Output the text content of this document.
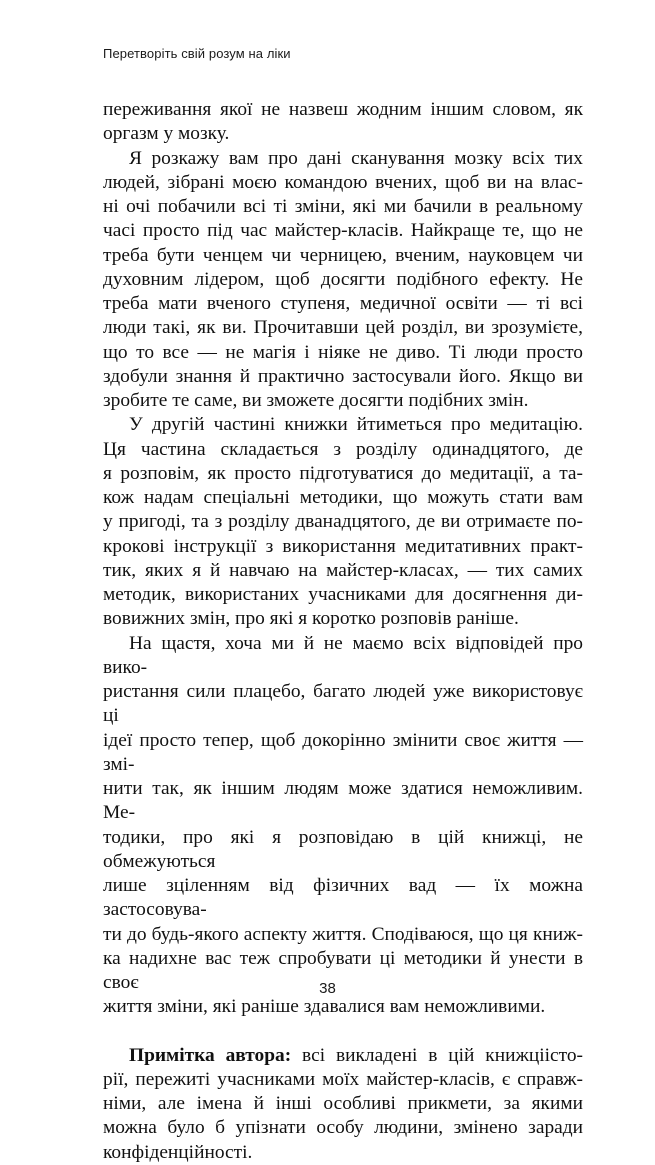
Перетворіть свій розум на ліки
переживання якої не назвеш жодним іншим словом, як
оргазм у мозку.
Я розкажу вам про дані сканування мозку всіх тих
людей, зібрані моєю командою вчених, щоб ви на влас-
ні очі побачили всі ті зміни, які ми бачили в реальному
часі просто під час майстер-класів. Найкраще те, що не
треба бути ченцем чи черницею, вченим, науковцем чи
духовним лідером, щоб досягти подібного ефекту. Не
треба мати вченого ступеня, медичної освіти — ті всі
люди такі, як ви. Прочитавши цей розділ, ви зрозумієте,
що то все — не магія і ніяке не диво. Ті люди просто
здобули знання й практично застосували його. Якщо ви
зробите те саме, ви зможете досягти подібних змін.
У другій частині книжки йтиметься про медитацію.
Ця частина складається з розділу одинадцятого, де
я розповім, як просто підготуватися до медитації, а та-
кож надам спеціальні методики, що можуть стати вам
у пригоді, та з розділу дванадцятого, де ви отримаєте по-
крокові інструкції з використання медитативних практ-
тик, яких я й навчаю на майстер-класах, — тих самих
методик, використаних учасниками для досягнення ди-
вовижних змін, про які я коротко розповів раніше.
На щастя, хоча ми й не маємо всіх відповідей про вико-
ристання сили плацебо, багато людей уже використовує ці
ідеї просто тепер, щоб докорінно змінити своє життя — змі-
нити так, як іншим людям може здатися неможливим. Ме-
тодики, про які я розповідаю в цій книжці, не обмежуються
лише зціленням від фізичних вад — їх можна застосовува-
ти до будь-якого аспекту життя. Сподіваюся, що ця книж-
ка надихне вас теж спробувати ці методики й унести в своє
життя зміни, які раніше здавалися вам неможливими.
Примітка автора: всі викладені в цій книжціісто-
рії, пережиті учасниками моїх майстер-класів, є справж-
німи, але імена й інші особливі прикмети, за якими
можна було б упізнати особу людини, змінено заради
конфіденційності.
38
